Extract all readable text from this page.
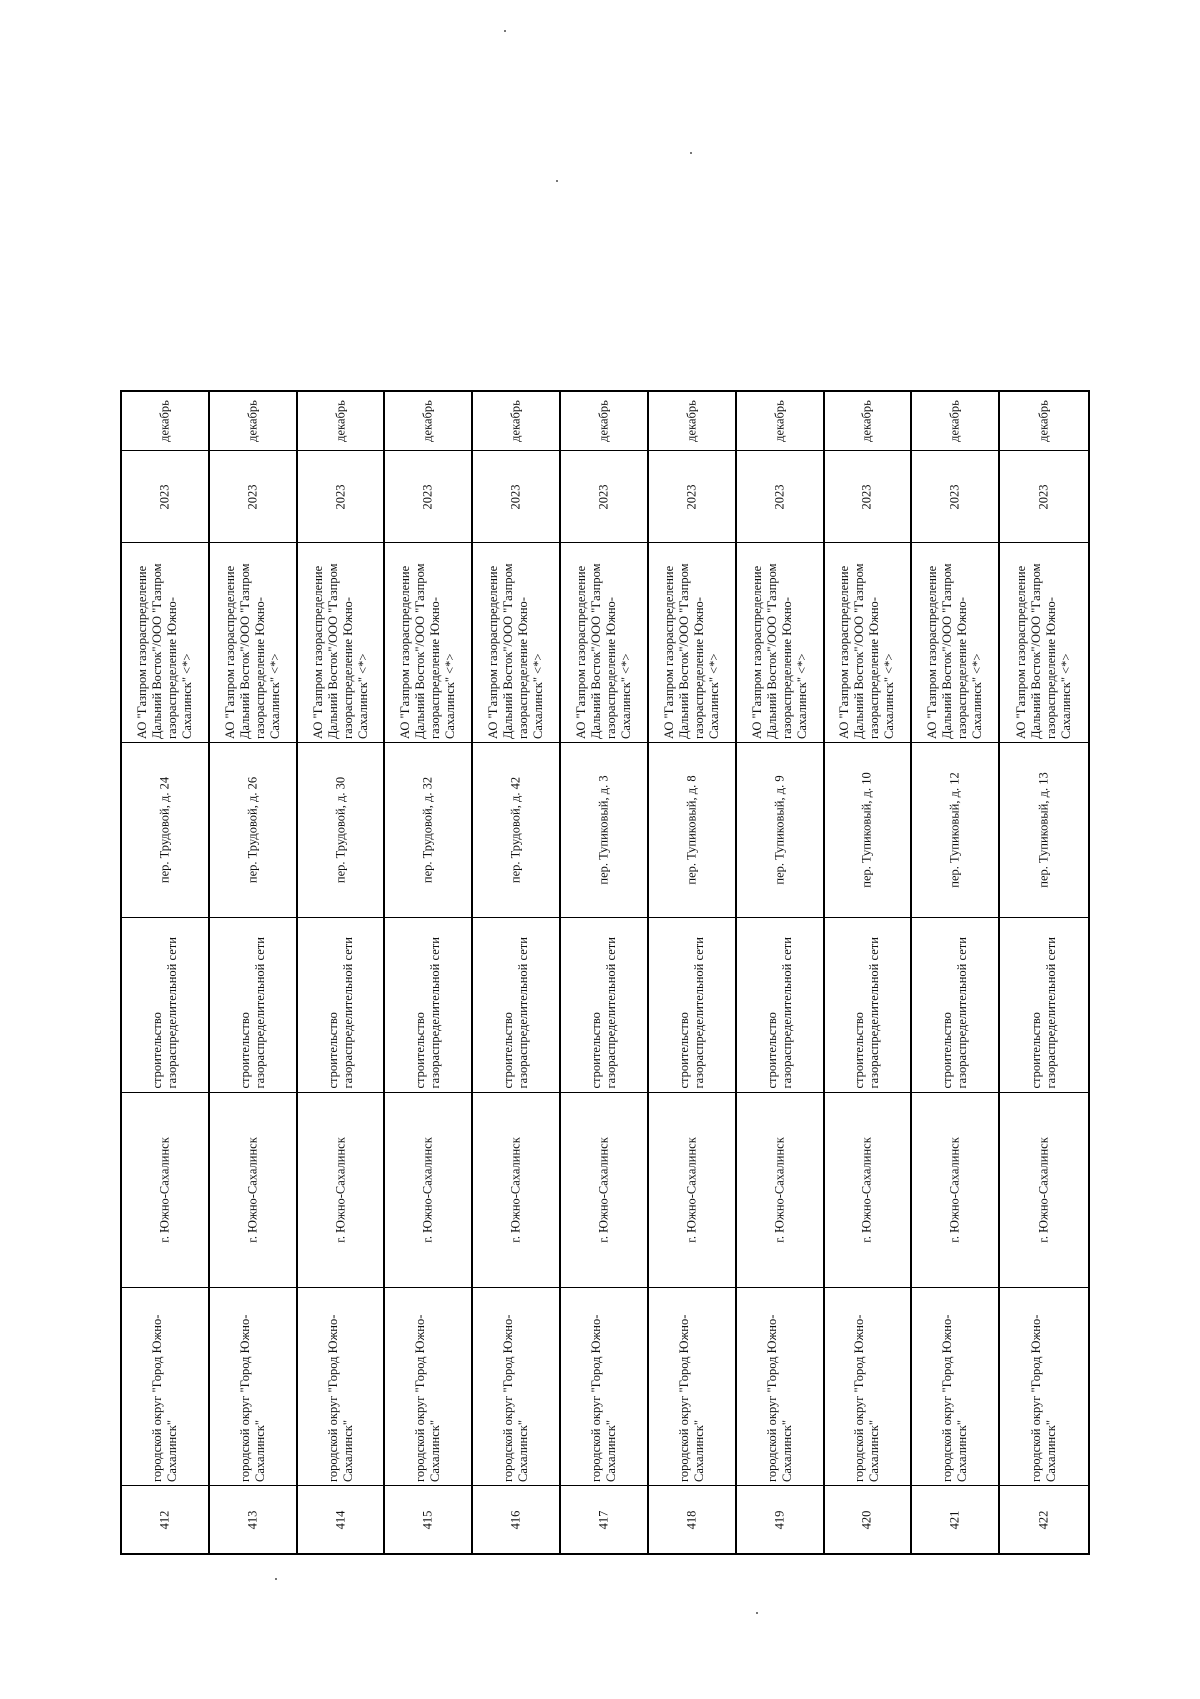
декабрь
2023
АО "Газпром газораспределение Дальний Восток"/ООО "Газпром газораспределение Южно-Сахалинск" <*>
пер. Трудовой, д. 24
строительство газораспределительной сети
г. Южно-Сахалинск
городской округ "Город Южно-Сахалинск"
412
декабрь
2023
АО "Газпром газораспределение Дальний Восток"/ООО "Газпром газораспределение Южно-Сахалинск" <*>
пер. Трудовой, д. 26
строительство газораспределительной сети
г. Южно-Сахалинск
городской округ "Город Южно-Сахалинск"
413
декабрь
2023
АО "Газпром газораспределение Дальний Восток"/ООО "Газпром газораспределение Южно-Сахалинск" <*>
пер. Трудовой, д. 30
строительство газораспределительной сети
г. Южно-Сахалинск
городской округ "Город Южно-Сахалинск"
414
декабрь
2023
АО "Газпром газораспределение Дальний Восток"/ООО "Газпром газораспределение Южно-Сахалинск" <*>
пер. Трудовой, д. 32
строительство газораспределительной сети
г. Южно-Сахалинск
городской округ "Город Южно-Сахалинск"
415
декабрь
2023
АО "Газпром газораспределение Дальний Восток"/ООО "Газпром газораспределение Южно-Сахалинск" <*>
пер. Трудовой, д. 42
строительство газораспределительной сети
г. Южно-Сахалинск
городской округ "Город Южно-Сахалинск"
416
декабрь
2023
АО "Газпром газораспределение Дальний Восток"/ООО "Газпром газораспределение Южно-Сахалинск" <*>
пер. Тупиковый, д. 3
строительство газораспределительной сети
г. Южно-Сахалинск
городской округ "Город Южно-Сахалинск"
417
декабрь
2023
АО "Газпром газораспределение Дальний Восток"/ООО "Газпром газораспределение Южно-Сахалинск" <*>
пер. Тупиковый, д. 8
строительство газораспределительной сети
г. Южно-Сахалинск
городской округ "Город Южно-Сахалинск"
418
декабрь
2023
АО "Газпром газораспределение Дальний Восток"/ООО "Газпром газораспределение Южно-Сахалинск" <*>
пер. Тупиковый, д. 9
строительство газораспределительной сети
г. Южно-Сахалинск
городской округ "Город Южно-Сахалинск"
419
декабрь
2023
АО "Газпром газораспределение Дальний Восток"/ООО "Газпром газораспределение Южно-Сахалинск" <*>
пер. Тупиковый, д. 10
строительство газораспределительной сети
г. Южно-Сахалинск
городской округ "Город Южно-Сахалинск"
420
декабрь
2023
АО "Газпром газораспределение Дальний Восток"/ООО "Газпром газораспределение Южно-Сахалинск" <*>
пер. Тупиковый, д. 12
строительство газораспределительной сети
г. Южно-Сахалинск
городской округ "Город Южно-Сахалинск"
421
декабрь
2023
АО "Газпром газораспределение Дальний Восток"/ООО "Газпром газораспределение Южно-Сахалинск" <*>
пер. Тупиковый, д. 13
строительство газораспределительной сети
г. Южно-Сахалинск
городской округ "Город Южно-Сахалинск"
422
